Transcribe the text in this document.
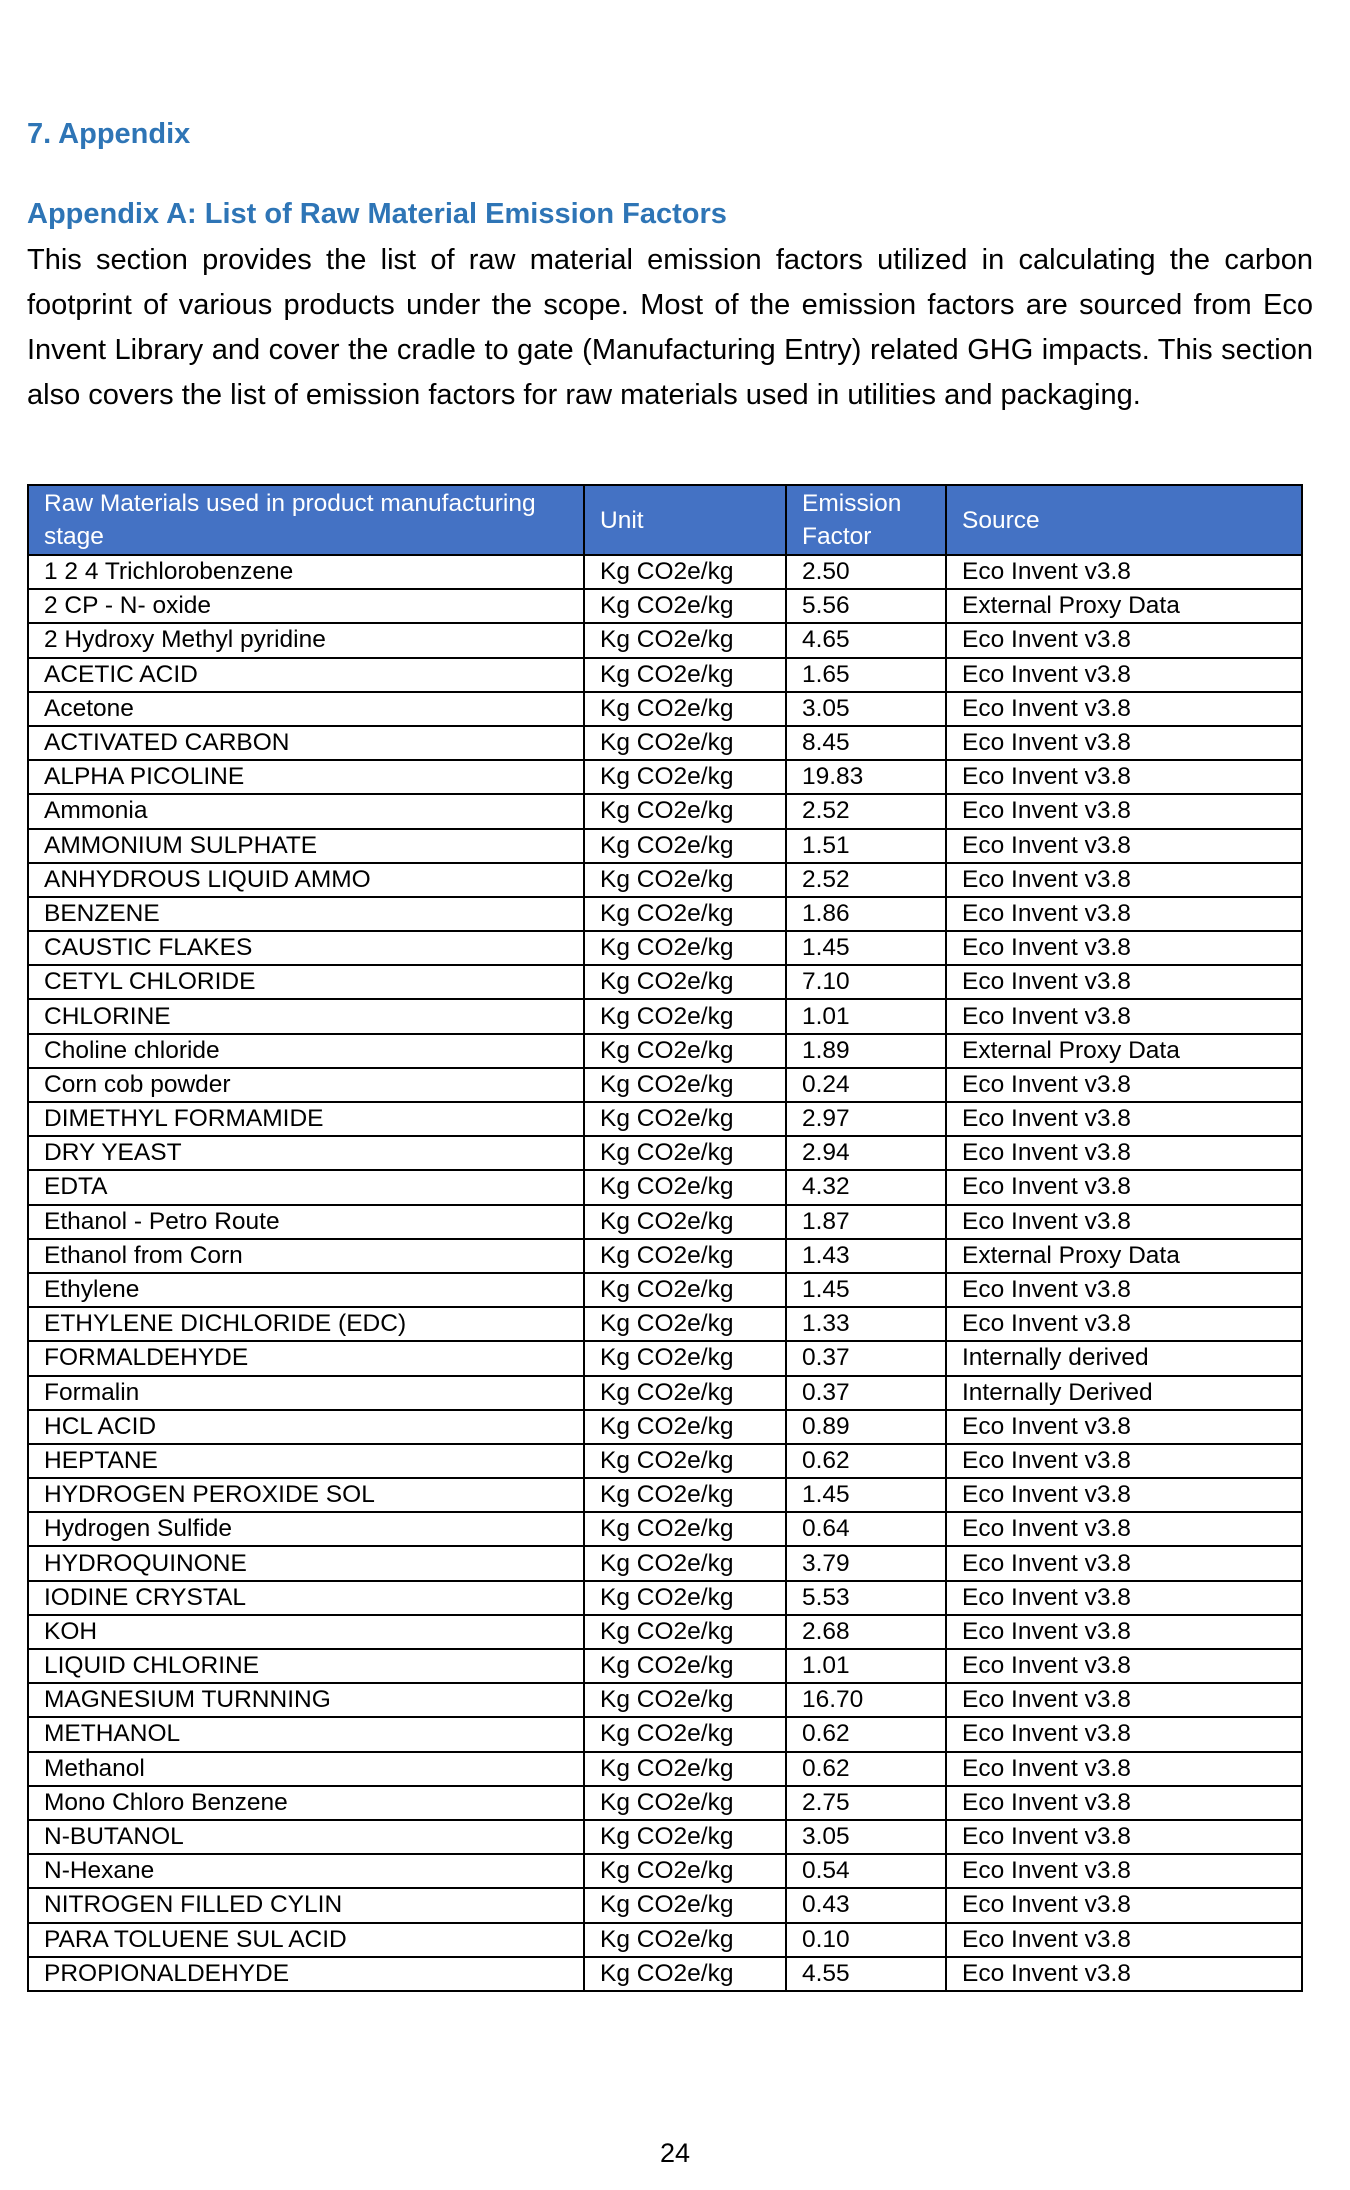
7. Appendix
Appendix A: List of Raw Material Emission Factors

This section provides the list of raw material emission factors utilized in calculating the carbon footprint of various products under the scope. Most of the emission factors are sourced from Eco Invent Library and cover the cradle to gate (Manufacturing Entry) related GHG impacts. This section also covers the list of emission factors for raw materials used in utilities and packaging.

Raw Materials used in product manufacturing stage	Unit	Emission Factor	Source
1 2 4 Trichlorobenzene	Kg CO2e/kg	2.50	Eco Invent v3.8
2 CP - N- oxide	Kg CO2e/kg	5.56	External Proxy Data
2 Hydroxy Methyl pyridine	Kg CO2e/kg	4.65	Eco Invent v3.8
ACETIC ACID	Kg CO2e/kg	1.65	Eco Invent v3.8
Acetone	Kg CO2e/kg	3.05	Eco Invent v3.8
ACTIVATED CARBON	Kg CO2e/kg	8.45	Eco Invent v3.8
ALPHA PICOLINE	Kg CO2e/kg	19.83	Eco Invent v3.8
Ammonia	Kg CO2e/kg	2.52	Eco Invent v3.8
AMMONIUM SULPHATE	Kg CO2e/kg	1.51	Eco Invent v3.8
ANHYDROUS LIQUID AMMO	Kg CO2e/kg	2.52	Eco Invent v3.8
BENZENE	Kg CO2e/kg	1.86	Eco Invent v3.8
CAUSTIC FLAKES	Kg CO2e/kg	1.45	Eco Invent v3.8
CETYL CHLORIDE	Kg CO2e/kg	7.10	Eco Invent v3.8
CHLORINE	Kg CO2e/kg	1.01	Eco Invent v3.8
Choline chloride	Kg CO2e/kg	1.89	External Proxy Data
Corn cob powder	Kg CO2e/kg	0.24	Eco Invent v3.8
DIMETHYL FORMAMIDE	Kg CO2e/kg	2.97	Eco Invent v3.8
DRY YEAST	Kg CO2e/kg	2.94	Eco Invent v3.8
EDTA	Kg CO2e/kg	4.32	Eco Invent v3.8
Ethanol - Petro Route	Kg CO2e/kg	1.87	Eco Invent v3.8
Ethanol from Corn	Kg CO2e/kg	1.43	External Proxy Data
Ethylene	Kg CO2e/kg	1.45	Eco Invent v3.8
ETHYLENE DICHLORIDE (EDC)	Kg CO2e/kg	1.33	Eco Invent v3.8
FORMALDEHYDE	Kg CO2e/kg	0.37	Internally derived
Formalin	Kg CO2e/kg	0.37	Internally Derived
HCL ACID	Kg CO2e/kg	0.89	Eco Invent v3.8
HEPTANE	Kg CO2e/kg	0.62	Eco Invent v3.8
HYDROGEN PEROXIDE SOL	Kg CO2e/kg	1.45	Eco Invent v3.8
Hydrogen Sulfide	Kg CO2e/kg	0.64	Eco Invent v3.8
HYDROQUINONE	Kg CO2e/kg	3.79	Eco Invent v3.8
IODINE CRYSTAL	Kg CO2e/kg	5.53	Eco Invent v3.8
KOH	Kg CO2e/kg	2.68	Eco Invent v3.8
LIQUID CHLORINE	Kg CO2e/kg	1.01	Eco Invent v3.8
MAGNESIUM TURNNING	Kg CO2e/kg	16.70	Eco Invent v3.8
METHANOL	Kg CO2e/kg	0.62	Eco Invent v3.8
Methanol	Kg CO2e/kg	0.62	Eco Invent v3.8
Mono Chloro Benzene	Kg CO2e/kg	2.75	Eco Invent v3.8
N-BUTANOL	Kg CO2e/kg	3.05	Eco Invent v3.8
N-Hexane	Kg CO2e/kg	0.54	Eco Invent v3.8
NITROGEN FILLED CYLIN	Kg CO2e/kg	0.43	Eco Invent v3.8
PARA TOLUENE SUL ACID	Kg CO2e/kg	0.10	Eco Invent v3.8
PROPIONALDEHYDE	Kg CO2e/kg	4.55	Eco Invent v3.8
24
